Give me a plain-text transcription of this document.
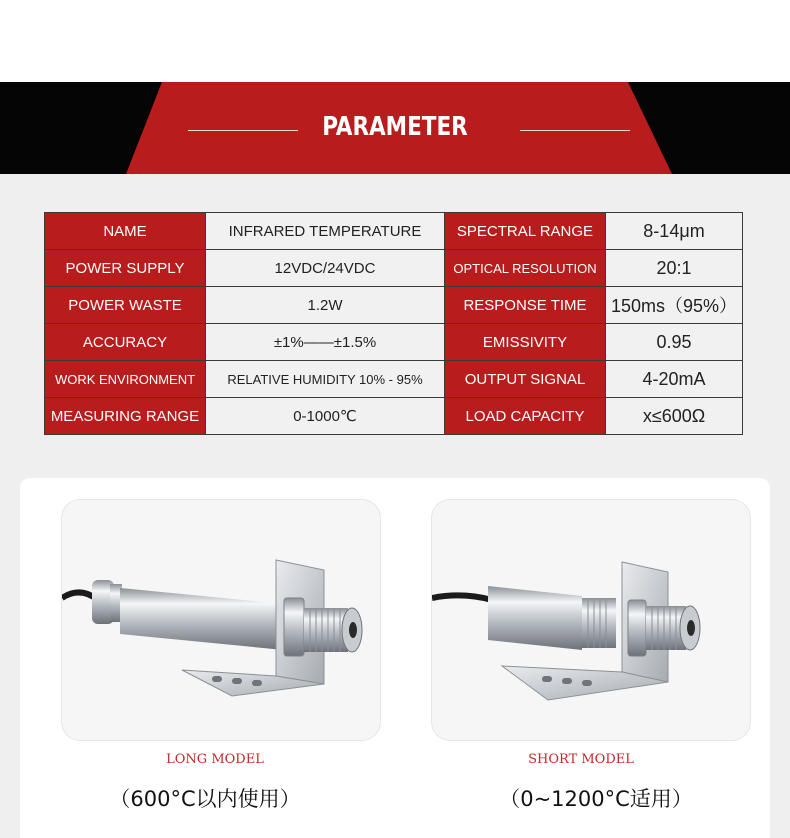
PARAMETER
NAME	INFRARED TEMPERATURE	SPECTRAL RANGE	8-14μm
POWER SUPPLY	12VDC/24VDC	OPTICAL RESOLUTION	20:1
POWER WASTE	1.2W	RESPONSE TIME	150ms（95%）
ACCURACY	±1%——±1.5%	EMISSIVITY	0.95
WORK ENVIRONMENT	RELATIVE HUMIDITY 10% - 95%	OUTPUT SIGNAL	4-20mA
MEASURING RANGE	0-1000℃	LOAD CAPACITY	x≤600Ω
LONG MODEL
（600°C以内使用）
SHORT MODEL
（0~1200°C适用）
